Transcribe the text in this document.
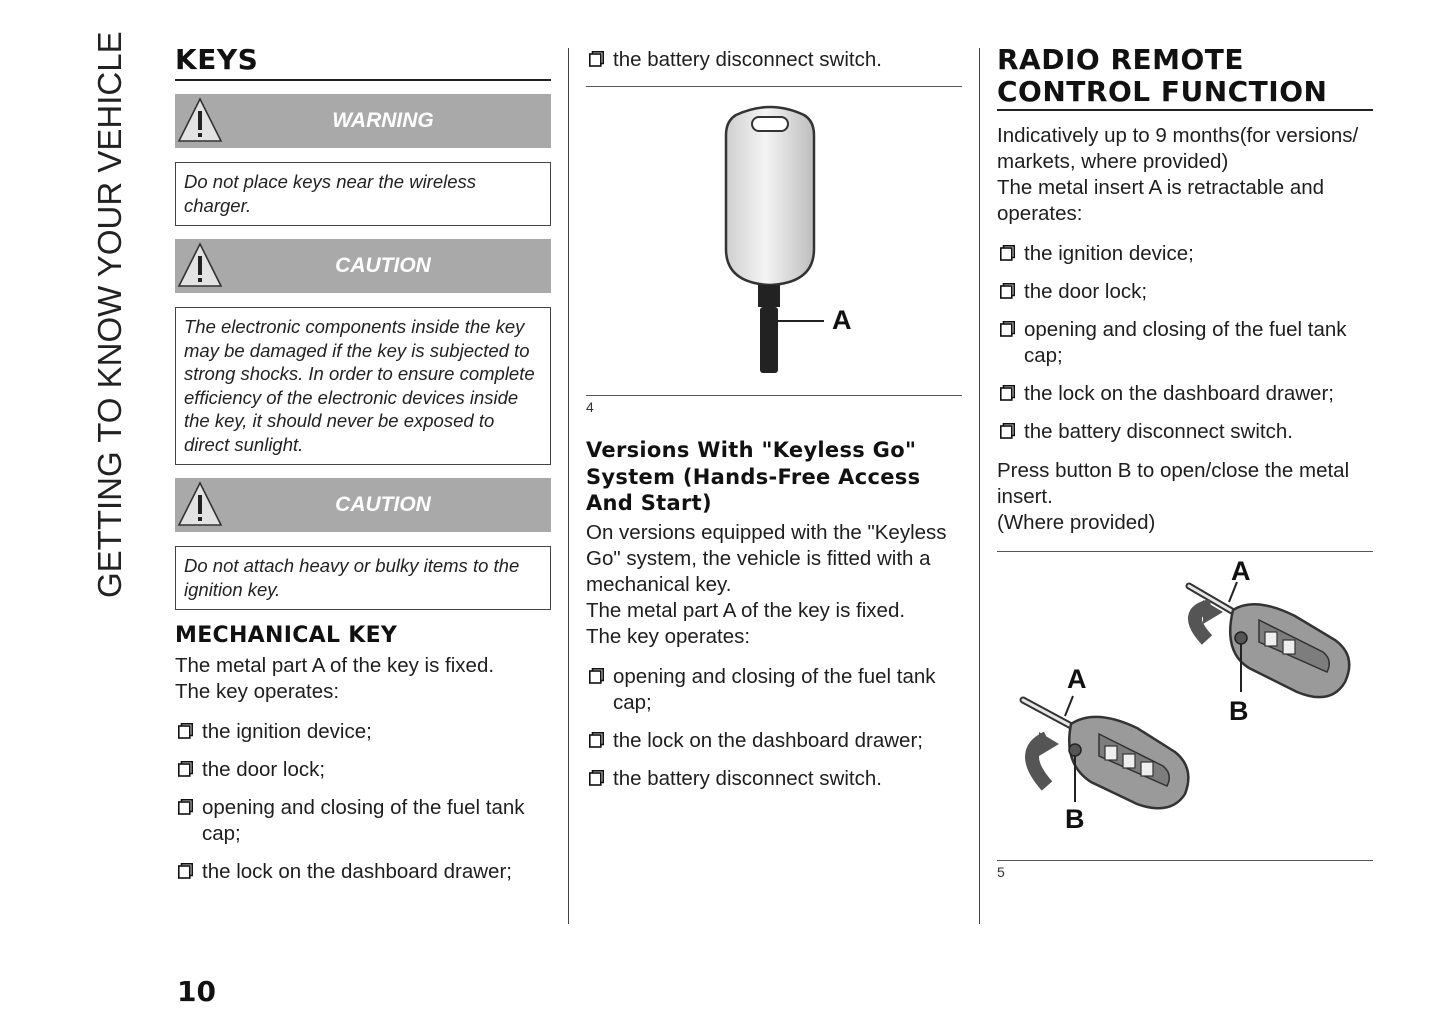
GETTING TO KNOW YOUR VEHICLE KEYS
WARNING
Do not place keys near the wireless charger.
CAUTION
The electronic components inside the key may be damaged if the key is subjected to strong shocks. In order to ensure complete efficiency of the electronic devices inside the key, it should never be exposed to direct sunlight.
CAUTION
Do not attach heavy or bulky items to the ignition key.
MECHANICAL KEY
The metal part A of the key is fixed.
The key operates:
the ignition device;
the door lock;
opening and closing of the fuel tank cap;
the lock on the dashboard drawer;
the battery disconnect switch.
A
4
Versions With "Keyless Go" System (Hands-Free Access And Start)
On versions equipped with the "Keyless Go" system, the vehicle is fitted with a mechanical key.
The metal part A of the key is fixed.
The key operates:
opening and closing of the fuel tank cap;
the lock on the dashboard drawer;
the battery disconnect switch.
RADIO REMOTE CONTROL FUNCTION
Indicatively up to 9 months(for versions/ markets, where provided)
The metal insert A is retractable and operates:
the ignition device;
the door lock;
opening and closing of the fuel tank cap;
the lock on the dashboard drawer;
the battery disconnect switch.
Press button B to open/close the metal insert.
(Where provided)
A
B
A
B
5
10
